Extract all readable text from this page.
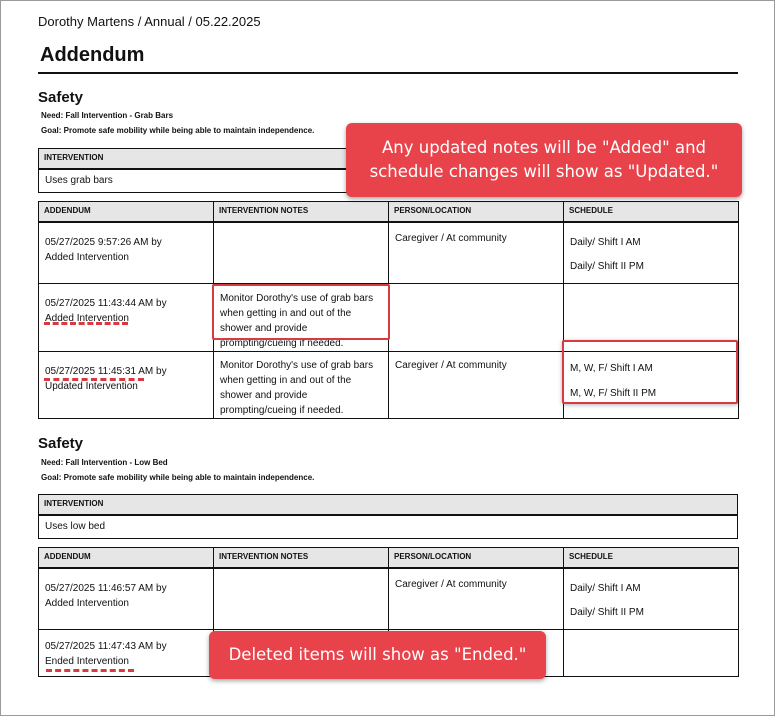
Dorothy Martens / Annual / 05.22.2025
Addendum
Safety
Need: Fall Intervention - Grab Bars
Goal: Promote safe mobility while being able to maintain independence.
INTERVENTION
Uses grab bars
ADDENDUM	INTERVENTION NOTES	PERSON/LOCATION	SCHEDULE
05/27/2025 9:57:26 AM by
Added Intervention		Caregiver / At community	Daily/ Shift I AM
Daily/ Shift II PM
05/27/2025 11:43:44 AM by
Added Intervention	Monitor Dorothy's use of grab bars when getting in and out of the shower and provide prompting/cueing if needed.		
05/27/2025 11:45:31 AM by
Updated Intervention	Monitor Dorothy's use of grab bars when getting in and out of the shower and provide prompting/cueing if needed.	Caregiver / At community	M, W, F/ Shift I AM
M, W, F/ Shift II PM
Safety
Need: Fall Intervention - Low Bed
Goal: Promote safe mobility while being able to maintain independence.
INTERVENTION
Uses low bed
ADDENDUM	INTERVENTION NOTES	PERSON/LOCATION	SCHEDULE
05/27/2025 11:46:57 AM by
Added Intervention		Caregiver / At community	Daily/ Shift I AM
Daily/ Shift II PM
05/27/2025 11:47:43 AM by
Ended Intervention			
Any updated notes will be "Added" and schedule changes will show as "Updated."
Deleted items will show as "Ended."
